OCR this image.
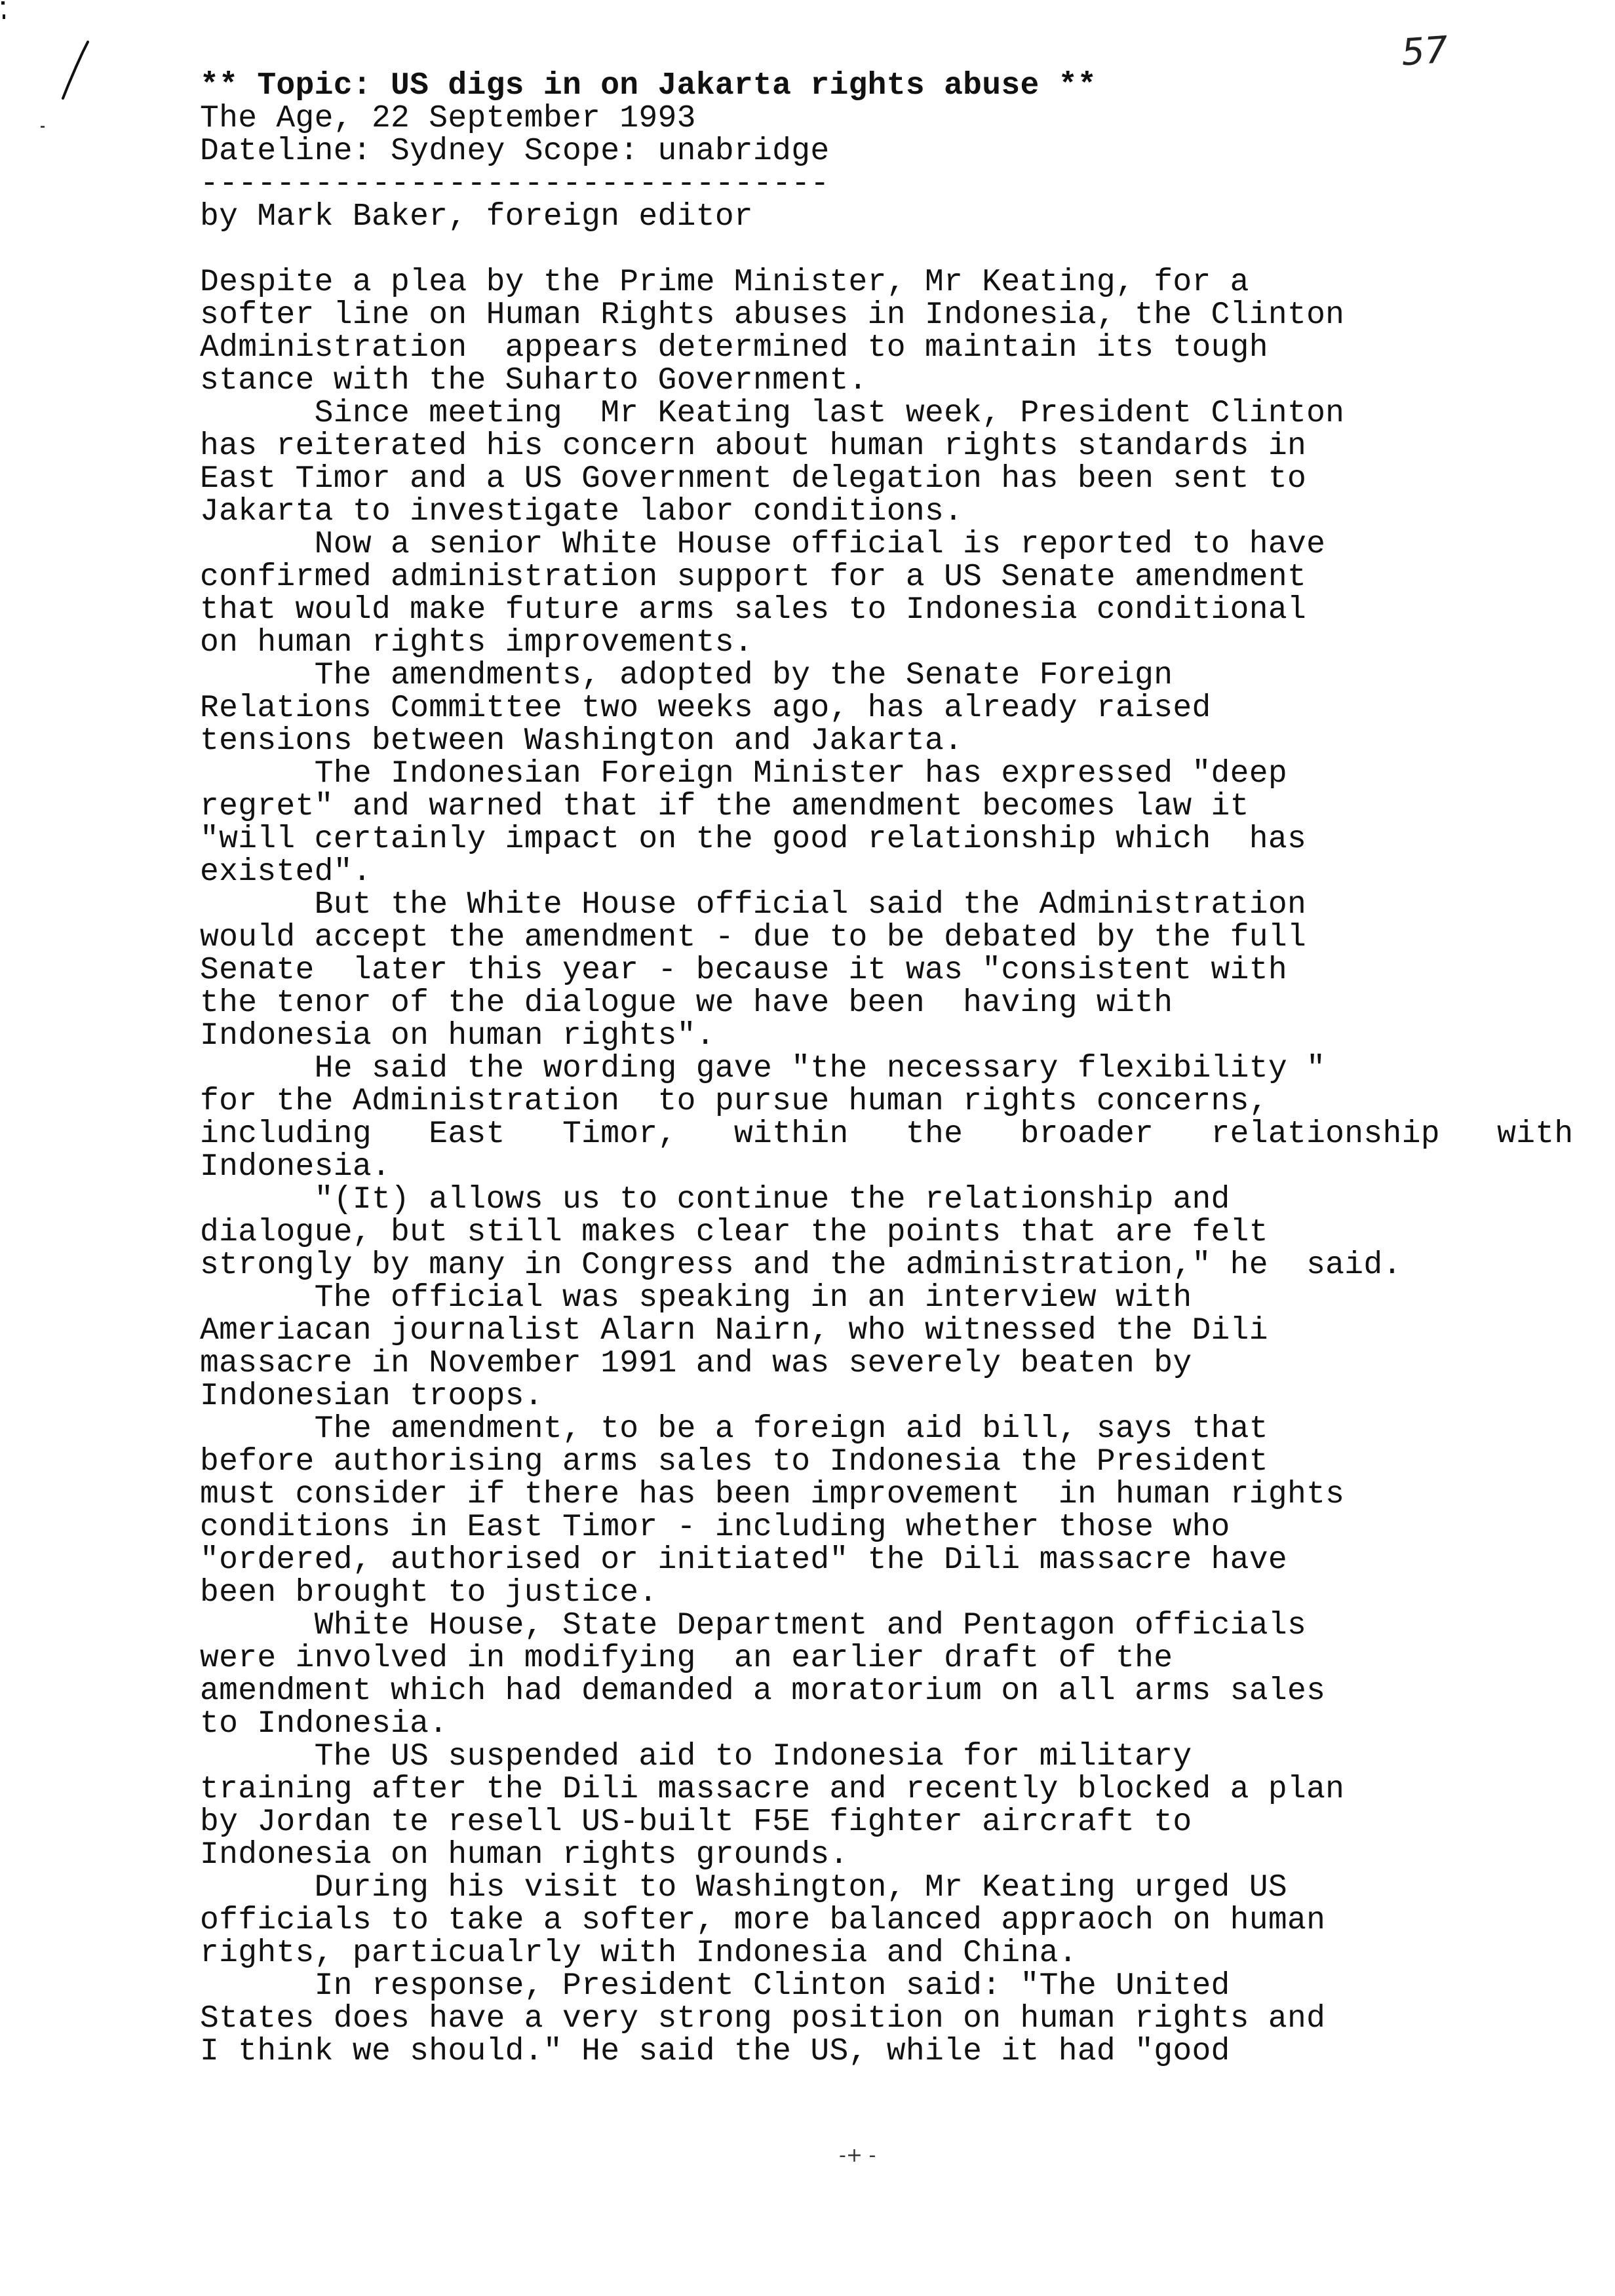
57
** Topic: US digs in on Jakarta rights abuse **
The Age, 22 September 1993
Dateline: Sydney Scope: unabridge
---------------------------------
by Mark Baker, foreign editor
Despite a plea by the Prime Minister, Mr Keating, for a
softer line on Human Rights abuses in Indonesia, the Clinton
Administration  appears determined to maintain its tough
stance with the Suharto Government.
Since meeting  Mr Keating last week, President Clinton
has reiterated his concern about human rights standards in
East Timor and a US Government delegation has been sent to
Jakarta to investigate labor conditions.
Now a senior White House official is reported to have
confirmed administration support for a US Senate amendment
that would make future arms sales to Indonesia conditional
on human rights improvements.
The amendments, adopted by the Senate Foreign
Relations Committee two weeks ago, has already raised
tensions between Washington and Jakarta.
The Indonesian Foreign Minister has expressed "deep
regret" and warned that if the amendment becomes law it
"will certainly impact on the good relationship which  has
existed".
But the White House official said the Administration
would accept the amendment - due to be debated by the full
Senate  later this year - because it was "consistent with
the tenor of the dialogue we have been  having with
Indonesia on human rights".
He said the wording gave "the necessary flexibility "
for the Administration  to pursue human rights concerns,
including   East   Timor,   within   the   broader   relationship   with
Indonesia.
"(It) allows us to continue the relationship and
dialogue, but still makes clear the points that are felt
strongly by many in Congress and the administration," he  said.
The official was speaking in an interview with
Ameriacan journalist Alarn Nairn, who witnessed the Dili
massacre in November 1991 and was severely beaten by
Indonesian troops.
The amendment, to be a foreign aid bill, says that
before authorising arms sales to Indonesia the President
must consider if there has been improvement  in human rights
conditions in East Timor - including whether those who
"ordered, authorised or initiated" the Dili massacre have
been brought to justice.
White House, State Department and Pentagon officials
were involved in modifying  an earlier draft of the
amendment which had demanded a moratorium on all arms sales
to Indonesia.
The US suspended aid to Indonesia for military
training after the Dili massacre and recently blocked a plan
by Jordan te resell US-built F5E fighter aircraft to
Indonesia on human rights grounds.
During his visit to Washington, Mr Keating urged US
officials to take a softer, more balanced appraoch on human
rights, particualrly with Indonesia and China.
In response, President Clinton said: "The United
States does have a very strong position on human rights and
I think we should." He said the US, while it had "good
-+ -
